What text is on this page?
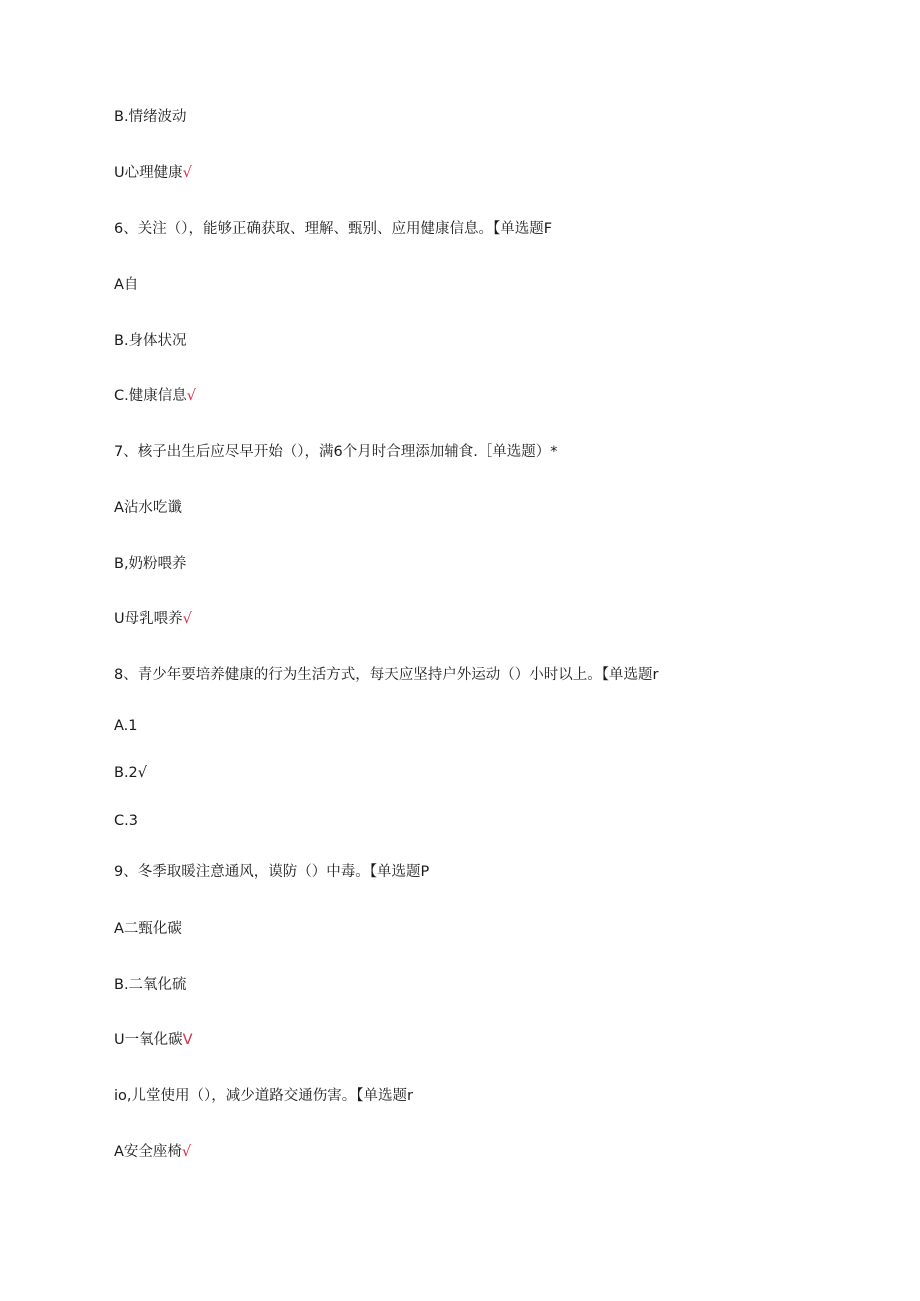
B.情绪波动
U心理健康√
6、关注（），能够正确获取、理解、甄别、应用健康信息。【单选题F
A自
B.身体状况
C.健康信息√
7、核子出生后应尽早开始（），满6个月时合理添加辅食.［单选题）*
A沾水吃谶
B,奶粉喂养
U母乳喂养√
8、青少年要培养健康的行为生活方式，每天应坚持户外运动（）小时以上。【单选题r
A.1
B.2√
C.3
9、冬季取暖注意通风，谟防（）中毒。【单选题P
A二甄化碳
B.二氧化硫
U一氧化碳V
io,儿堂使用（），减少道路交通伤害。【单选题r
A安全座椅√
